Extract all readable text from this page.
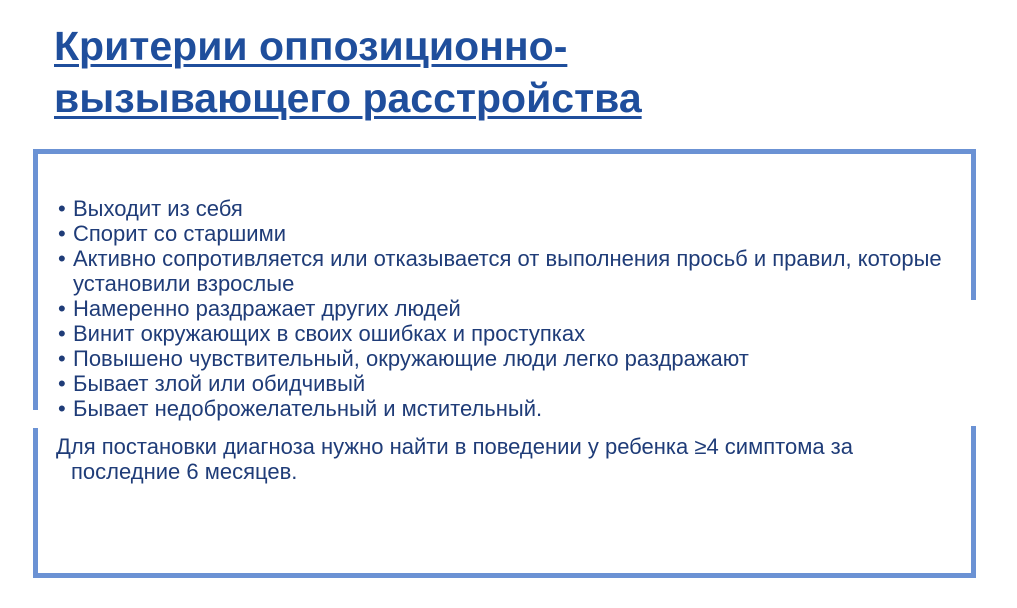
Критерии оппозиционно-
вызывающего расстройства
• Выходит из себя
• Спорит со старшими
• Активно сопротивляется или отказывается от выполнения просьб и правил, которые установили взрослые
• Намеренно раздражает других людей
• Винит окружающих в своих ошибках и проступках
• Повышено чувствительный, окружающие люди легко раздражают
• Бывает злой или обидчивый
• Бывает недоброжелательный и мстительный.

Для постановки диагноза нужно найти в поведении у ребенка ≥4 симптома за последние 6 месяцев.
